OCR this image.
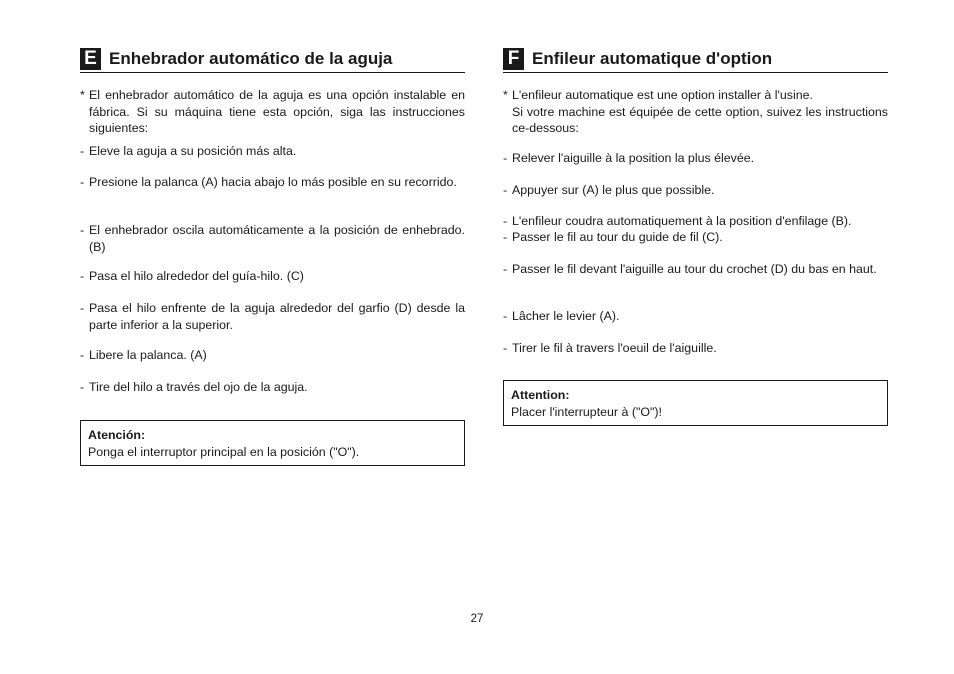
E Enhebrador automático de la aguja
* El enhebrador automático de la aguja es una opción instalable en fábrica. Si su máquina tiene esta opción, siga las instrucciones siguientes:
- Eleve la aguja a su posición más alta.
- Presione la palanca (A) hacia abajo lo más posible en su recorrido.
- El enhebrador oscila automáticamente a la posición de enhebrado. (B)
- Pasa el hilo alrededor del guía-hilo. (C)
- Pasa el hilo enfrente de la aguja alrededor del garfio (D) desde la parte inferior a la superior.
- Libere la palanca. (A)
- Tire del hilo a través del ojo de la aguja.
Atención:
Ponga el interruptor principal en la posición ("O").
F Enfileur automatique d'option
* L'enfileur automatique est une option installer à l'usine.
Si votre machine est équipée de cette option, suivez les instructions ce-dessous:
- Relever l'aiguille à la position la plus élevée.
- Appuyer sur (A) le plus que possible.
- L'enfileur coudra automatiquement à la position d'enfilage (B).
- Passer le fil au tour du guide de fil (C).
- Passer le fil devant l'aiguille au tour du crochet (D) du bas en haut.
- Lâcher le levier (A).
- Tirer le fil à travers l'oeuil de l'aiguille.
Attention:
Placer l'interrupteur à ("O")!
27
